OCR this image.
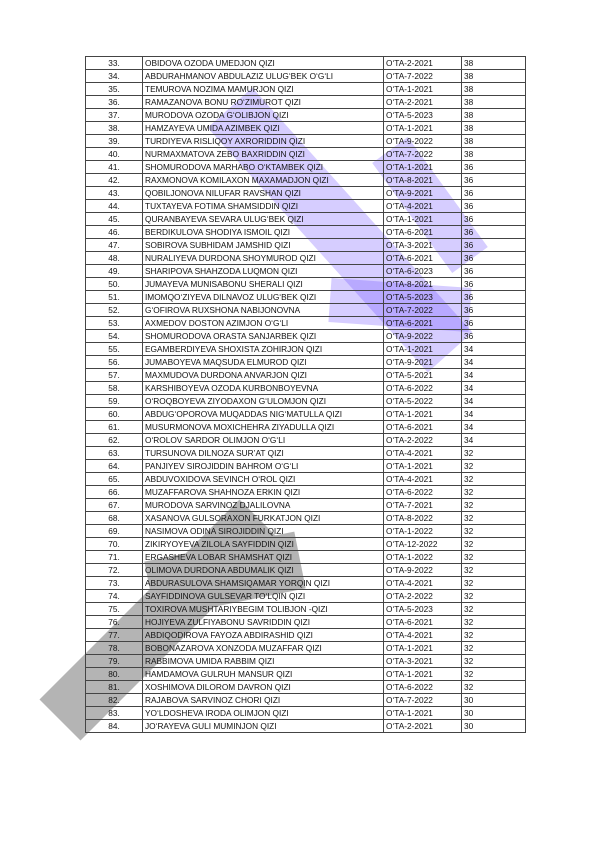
33.	OBIDOVA OZODA UMEDJON QIZI	O‘TA-2-2021	38
34.	ABDURAHMANOV ABDULAZIZ ULUG‘BEK O‘G‘LI	O‘TA-7-2022	38
35.	TEMUROVA NOZIMA MAMURJON QIZI	O‘TA-1-2021	38
36.	RAMAZANOVA BONU RO‘ZIMUROT QIZI	O‘TA-2-2021	38
37.	MURODOVA OZODA G‘OLIBJON QIZI	O‘TA-5-2023	38
38.	HAMZAYEVA UMIDA AZIMBEK QIZI	O‘TA-1-2021	38
39.	TURDIYEVA RISLIQOY AXRORIDDIN QIZI	O‘TA-9-2022	38
40.	NURMAXMATOVA ZEBO BAXRIDDIN QIZI	O‘TA-7-2022	38
41.	SHOMURODOVA MARHABO O‘KTAMBEK QIZI	O‘TA-1-2021	36
42.	RAXMONOVA KOMILAXON MAXAMADJON QIZI	O‘TA-8-2021	36
43.	QOBILJONOVA NILUFAR RAVSHAN QIZI	O‘TA-9-2021	36
44.	TUXTAYEVA FOTIMA SHAMSIDDIN QIZI	O‘TA-4-2021	36
45.	QURANBAYEVA SEVARA ULUG‘BEK QIZI	O‘TA-1-2021	36
46.	BERDIKULOVA SHODIYA ISMOIL QIZI	O‘TA-6-2021	36
47.	SOBIROVA SUBHIDAM JAMSHID QIZI	O‘TA-3-2021	36
48.	NURALIYEVA DURDONA SHOYMUROD QIZI	O‘TA-6-2021	36
49.	SHARIPOVA SHAHZODA LUQMON QIZI	O‘TA-6-2023	36
50.	JUMAYEVA MUNISABONU SHERALI QIZI	O‘TA-8-2021	36
51.	IMOMQO‘ZIYEVA DILNAVOZ ULUG‘BEK QIZI	O‘TA-5-2023	36
52.	G‘OFIROVA RUXSHONA NABIJONOVNA	O‘TA-7-2022	36
53.	AXMEDOV DOSTON AZIMJON O‘G‘LI	O‘TA-6-2021	36
54.	SHOMURODOVA ORASTA SANJARBEK QIZI	O‘TA-9-2022	36
55.	EGAMBERDIYEVA SHOXISTA ZOHIRJON QIZI	O‘TA-1-2021	34
56.	JUMABOYEVA MAQSUDA ELMUROD QIZI	O‘TA-9-2021	34
57.	MAXMUDOVA DURDONA ANVARJON QIZI	O‘TA-5-2021	34
58.	KARSHIBOYEVA OZODA KURBONBOYEVNA	O‘TA-6-2022	34
59.	O‘ROQBOYEVA ZIYODAXON G‘ULOMJON QIZI	O‘TA-5-2022	34
60.	ABDUG‘OPOROVA MUQADDAS NIG‘MATULLA QIZI	O‘TA-1-2021	34
61.	MUSURMONOVA MOXICHEHRA ZIYADULLA QIZI	O‘TA-6-2021	34
62.	O‘ROLOV SARDOR OLIMJON O‘G‘LI	O‘TA-2-2022	34
63.	TURSUNOVA DILNOZA SUR’AT QIZI	O‘TA-4-2021	32
64.	PANJIYEV SIROJIDDIN BAHROM O‘G‘LI	O‘TA-1-2021	32
65.	ABDUVOXIDOVA SEVINCH O‘ROL QIZI	O‘TA-4-2021	32
66.	MUZAFFAROVA SHAHNOZA ERKIN QIZI	O‘TA-6-2022	32
67.	MURODOVA SARVINOZ DJALILOVNA	O‘TA-7-2021	32
68.	XASANOVA GULSORAXON FURKATJON QIZI	O‘TA-8-2022	32
69.	NASIMOVA ODINA SIROJIDDIN QIZI	O‘TA-1-2022	32
70.	ZIKIRYOYEVA ZILOLA SAYFIDDIN QIZI	O‘TA-12-2022	32
71.	ERGASHEVA LOBAR SHAMSHAT QIZI	O‘TA-1-2022	32
72.	OLIMOVA DURDONA ABDUMALIK QIZI	O‘TA-9-2022	32
73.	ABDURASULOVA SHAMSIQAMAR YORQIN QIZI	O‘TA-4-2021	32
74.	SAYFIDDINOVA GULSEVAR TO‘LQIN QIZI	O‘TA-2-2022	32
75.	TOXIROVA MUSHTARIYBEGIM TOLIBJON -QIZI	O‘TA-5-2023	32
76.	HOJIYEVA ZULFIYABONU SAVRIDDIN QIZI	O‘TA-6-2021	32
77.	ABDIQODIROVA FAYOZA ABDIRASHID QIZI	O‘TA-4-2021	32
78.	BOBONAZAROVA XONZODA MUZAFFAR QIZI	O‘TA-1-2021	32
79.	RABBIMOVA UMIDA RABBIM QIZI	O‘TA-3-2021	32
80.	HAMDAMOVA GULRUH MANSUR QIZI	O‘TA-1-2021	32
81.	XOSHIMOVA DILOROM DAVRON QIZI	O‘TA-6-2022	32
82.	RAJABOVA SARVINOZ CHORI QIZI	O‘TA-7-2022	30
83.	YO‘LDOSHEVA IRODA OLIMJON QIZI	O‘TA-1-2021	30
84.	JO‘RAYEVA GULI MUMINJON QIZI	O‘TA-2-2021	30
